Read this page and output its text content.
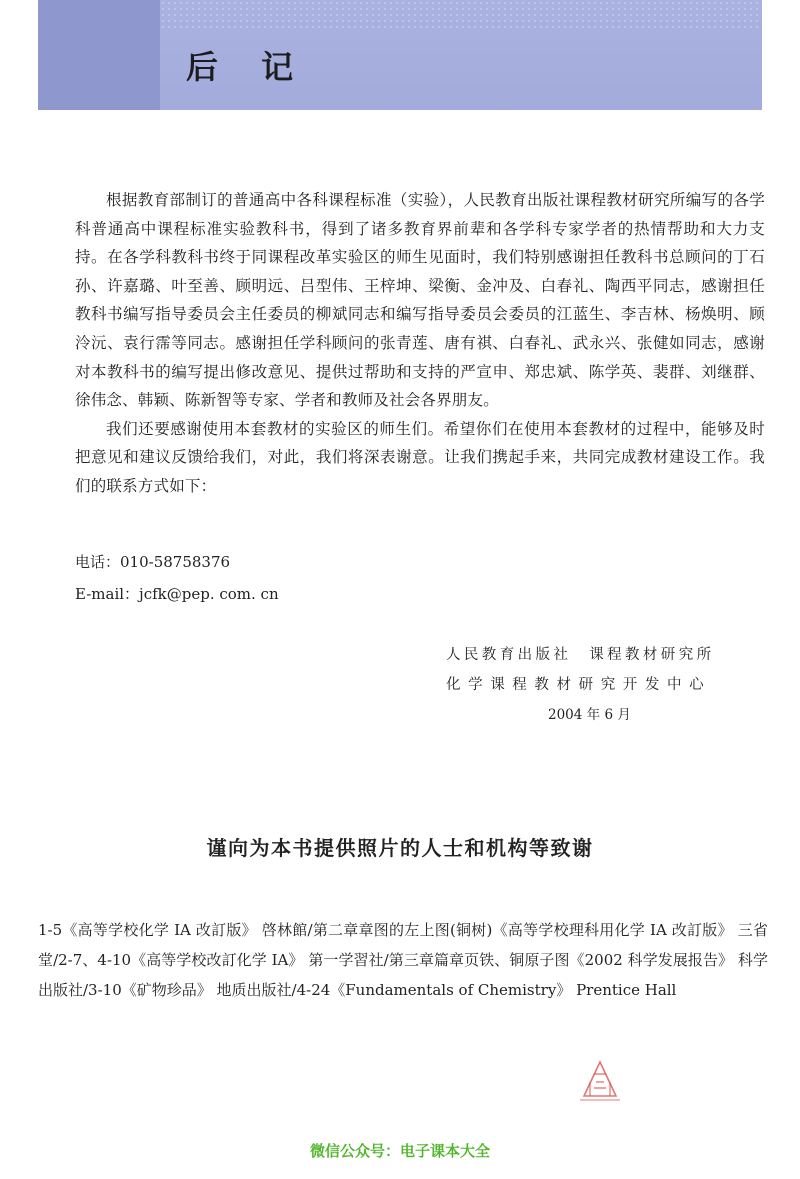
后 记

根据教育部制订的普通高中各科课程标准（实验），人民教育出版社课程教材研究所编写的各学科普通高中课程标准实验教科书，得到了诸多教育界前辈和各学科专家学者的热情帮助和大力支持。在各学科教科书终于同课程改革实验区的师生见面时，我们特别感谢担任教科书总顾问的丁石孙、许嘉璐、叶至善、顾明远、吕型伟、王梓坤、梁衡、金冲及、白春礼、陶西平同志，感谢担任教科书编写指导委员会主任委员的柳斌同志和编写指导委员会委员的江蓝生、李吉林、杨焕明、顾泠沅、袁行霈等同志。感谢担任学科顾问的张青莲、唐有祺、白春礼、武永兴、张健如同志，感谢对本教科书的编写提出修改意见、提供过帮助和支持的严宣申、郑忠斌、陈学英、裴群、刘继群、徐伟念、韩颖、陈新智等专家、学者和教师及社会各界朋友。

我们还要感谢使用本套教材的实验区的师生们。希望你们在使用本套教材的过程中，能够及时把意见和建议反馈给我们，对此，我们将深表谢意。让我们携起手来，共同完成教材建设工作。我们的联系方式如下：

电话：010-58758376
E-mail：jcfk@pep. com. cn
人民教育出版社　课程教材研究所
化学课程教材研究开发中心
2004 年 6 月
谨向为本书提供照片的人士和机构等致谢
1-5《高等学校化学 IA 改訂版》 啓林館/第二章章图的左上图(铜树)《高等学校理科用化学 IA 改訂版》 三省堂/2-7、4-10《高等学校改訂化学 IA》 第一学習社/第三章篇章页铁、铜原子图《2002 科学发展报告》 科学出版社/3-10《矿物珍品》 地质出版社/4-24《Fundamentals of Chemistry》 Prentice Hall
微信公众号：电子课本大全
